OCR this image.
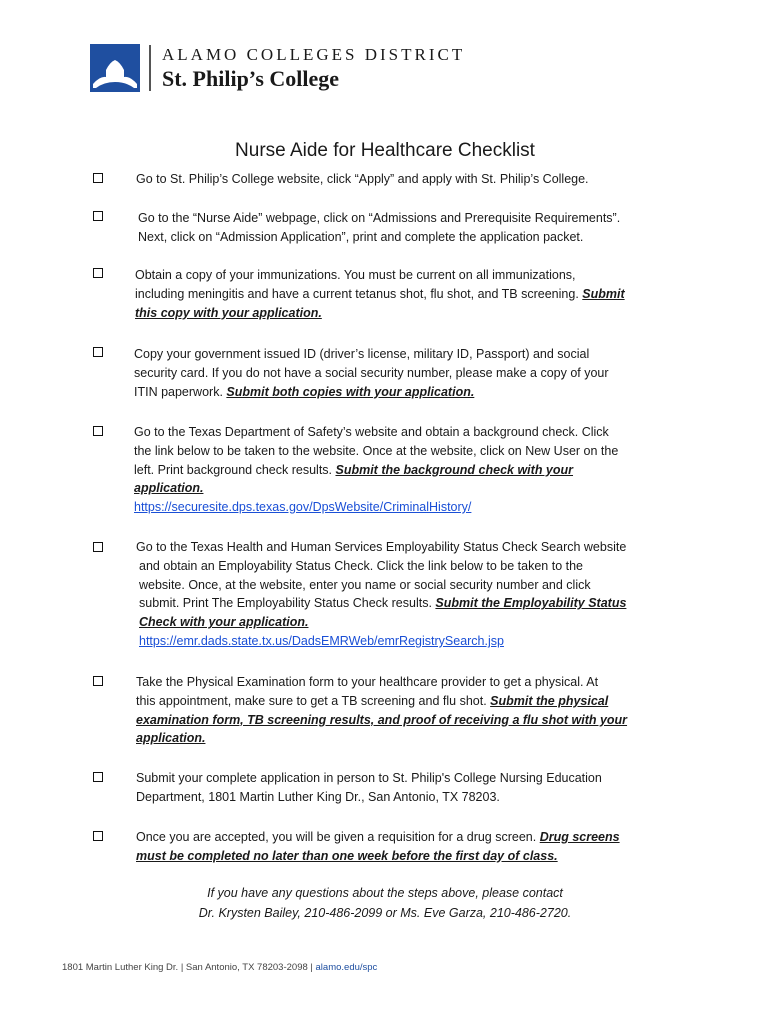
ALAMO COLLEGES DISTRICT
St. Philip’s College
Nurse Aide for Healthcare Checklist
Go to St. Philip’s College website, click “Apply” and apply with St. Philip’s College.
Go to the “Nurse Aide” webpage, click on “Admissions and Prerequisite Requirements”.
Next, click on “Admission Application”, print and complete the application packet.
Obtain a copy of your immunizations. You must be current on all immunizations,
including meningitis and have a current tetanus shot, flu shot, and TB screening. Submit
this copy with your application.
Copy your government issued ID (driver’s license, military ID, Passport) and social
security card. If you do not have a social security number, please make a copy of your
ITIN paperwork. Submit both copies with your application.
Go to the Texas Department of Safety’s website and obtain a background check. Click
the link below to be taken to the website. Once at the website, click on New User on the
left. Print background check results. Submit the background check with your
application.
https://securesite.dps.texas.gov/DpsWebsite/CriminalHistory/
Go to the Texas Health and Human Services Employability Status Check Search website
and obtain an Employability Status Check. Click the link below to be taken to the
website. Once, at the website, enter you name or social security number and click
submit. Print The Employability Status Check results. Submit the Employability Status
Check with your application.
https://emr.dads.state.tx.us/DadsEMRWeb/emrRegistrySearch.jsp
Take the Physical Examination form to your healthcare provider to get a physical. At
this appointment, make sure to get a TB screening and flu shot. Submit the physical
examination form, TB screening results, and proof of receiving a flu shot with your
application.
Submit your complete application in person to St. Philip's College Nursing Education
Department, 1801 Martin Luther King Dr., San Antonio, TX 78203.
Once you are accepted, you will be given a requisition for a drug screen. Drug screens
must be completed no later than one week before the first day of class.
If you have any questions about the steps above, please contact
Dr. Krysten Bailey, 210-486-2099 or Ms. Eve Garza, 210-486-2720.
1801 Martin Luther King Dr. | San Antonio, TX 78203-2098 | alamo.edu/spc
